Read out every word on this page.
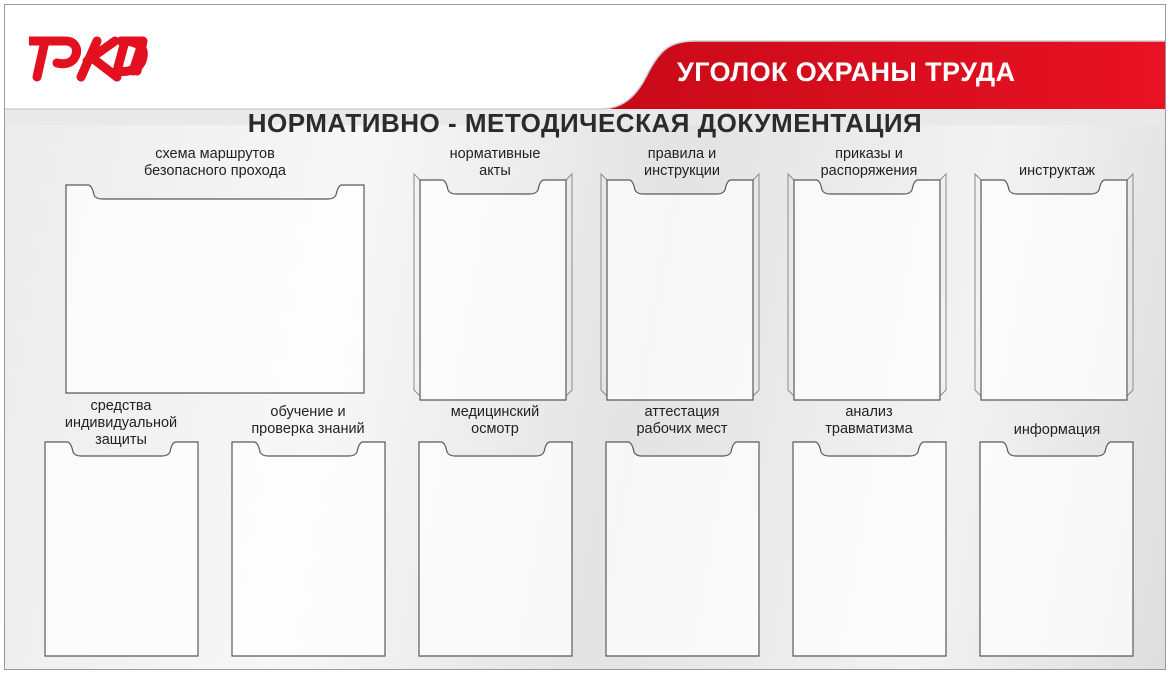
УГОЛОК ОХРАНЫ ТРУДА
НОРМАТИВНО - МЕТОДИЧЕСКАЯ ДОКУМЕНТАЦИЯ
схема маршрутов
безопасного прохода
нормативные
акты
правила и
инструкции
приказы и
распоряжения	инструктаж
средства
индивидуальной
защиты
обучение и
проверка знаний
медицинский
осмотр
аттестация
рабочих мест
анализ
травматизма	информация
